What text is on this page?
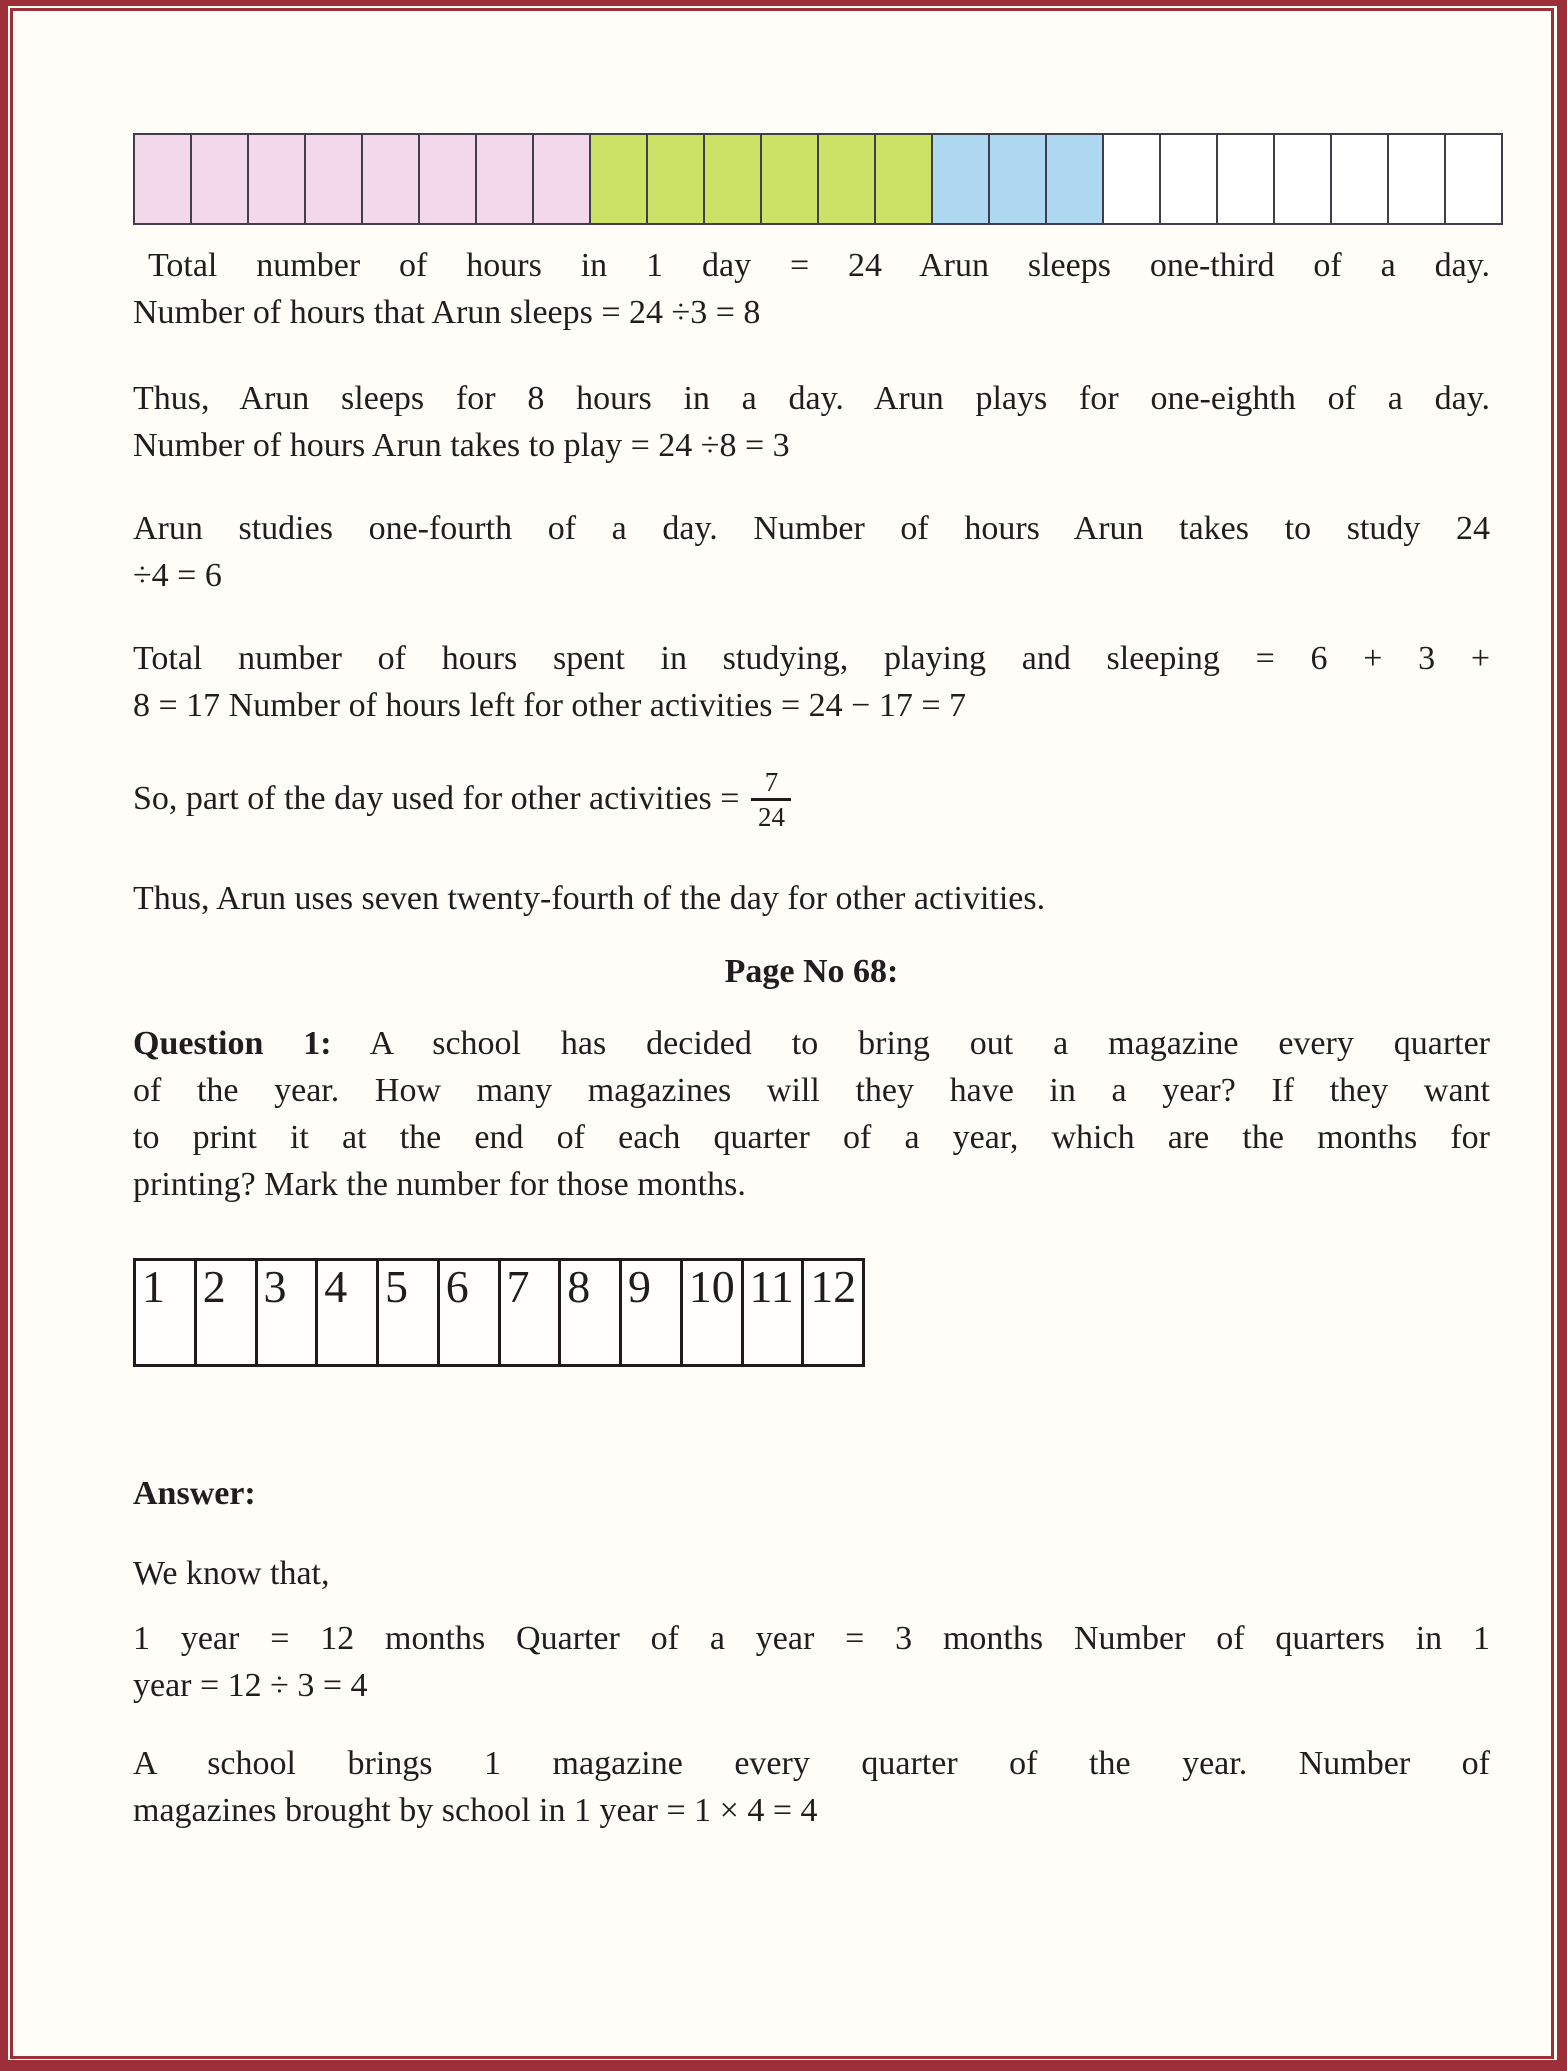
Total number of hours in 1 day = 24 Arun sleeps one-third of a day.
Number of hours that Arun sleeps = 24 ÷3 = 8
Thus, Arun sleeps for 8 hours in a day. Arun plays for one-eighth of a day.
Number of hours Arun takes to play = 24 ÷8 = 3
Arun studies one-fourth of a day. Number of hours Arun takes to study 24
÷4 = 6
Total number of hours spent in studying, playing and sleeping = 6 + 3 +
8 = 17 Number of hours left for other activities = 24 − 17 = 7
So, part of the day used for other activities = $\frac{7}{24}$
Thus, Arun uses seven twenty-fourth of the day for other activities.
Page No 68:
Question 1: A school has decided to bring out a magazine every quarter
of the year. How many magazines will they have in a year? If they want
to print it at the end of each quarter of a year, which are the months for
printing? Mark the number for those months.
1 2 3 4 5 6 7 8 9 10 11 12
Answer:
We know that,
1 year = 12 months Quarter of a year = 3 months Number of quarters in 1
year = 12 ÷ 3 = 4
A school brings 1 magazine every quarter of the year. Number of
magazines brought by school in 1 year = 1 × 4 = 4
